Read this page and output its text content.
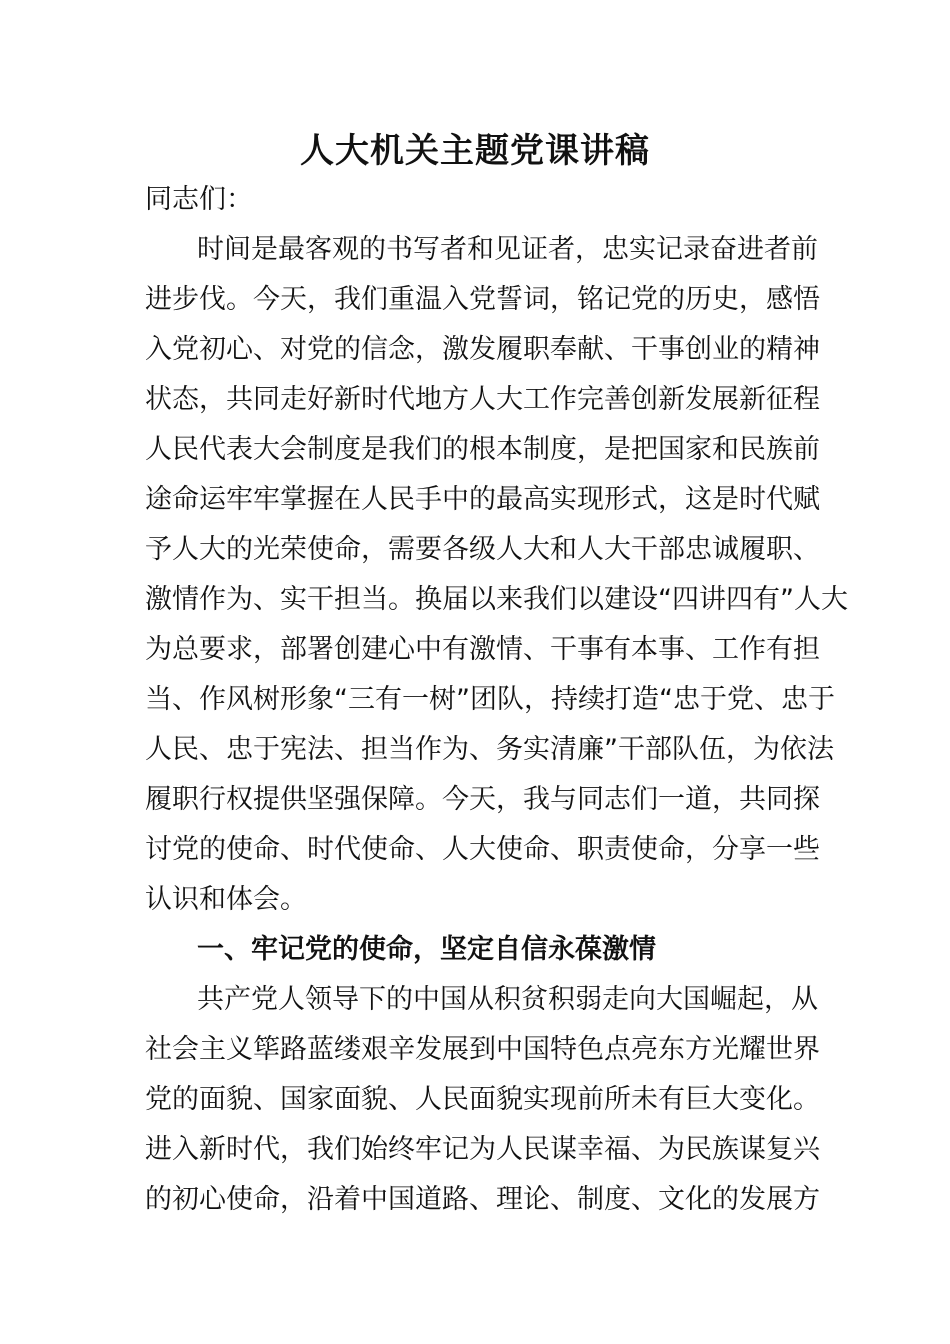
人大机关主题党课讲稿
同志们：
时间是最客观的书写者和见证者，忠实记录奋进者前
进步伐。今天，我们重温入党誓词，铭记党的历史，感悟
入党初心、对党的信念，激发履职奉献、干事创业的精神
状态，共同走好新时代地方人大工作完善创新发展新征程
人民代表大会制度是我们的根本制度，是把国家和民族前
途命运牢牢掌握在人民手中的最高实现形式，这是时代赋
予人大的光荣使命，需要各级人大和人大干部忠诚履职、
激情作为、实干担当。换届以来我们以建设“四讲四有”人大
为总要求，部署创建心中有激情、干事有本事、工作有担
当、作风树形象“三有一树”团队，持续打造“忠于党、忠于
人民、忠于宪法、担当作为、务实清廉”干部队伍，为依法
履职行权提供坚强保障。今天，我与同志们一道，共同探
讨党的使命、时代使命、人大使命、职责使命，分享一些
认识和体会。
一、牢记党的使命，坚定自信永葆激情
共产党人领导下的中国从积贫积弱走向大国崛起，从
社会主义筚路蓝缕艰辛发展到中国特色点亮东方光耀世界
党的面貌、国家面貌、人民面貌实现前所未有巨大变化。
进入新时代，我们始终牢记为人民谋幸福、为民族谋复兴
的初心使命，沿着中国道路、理论、制度、文化的发展方
